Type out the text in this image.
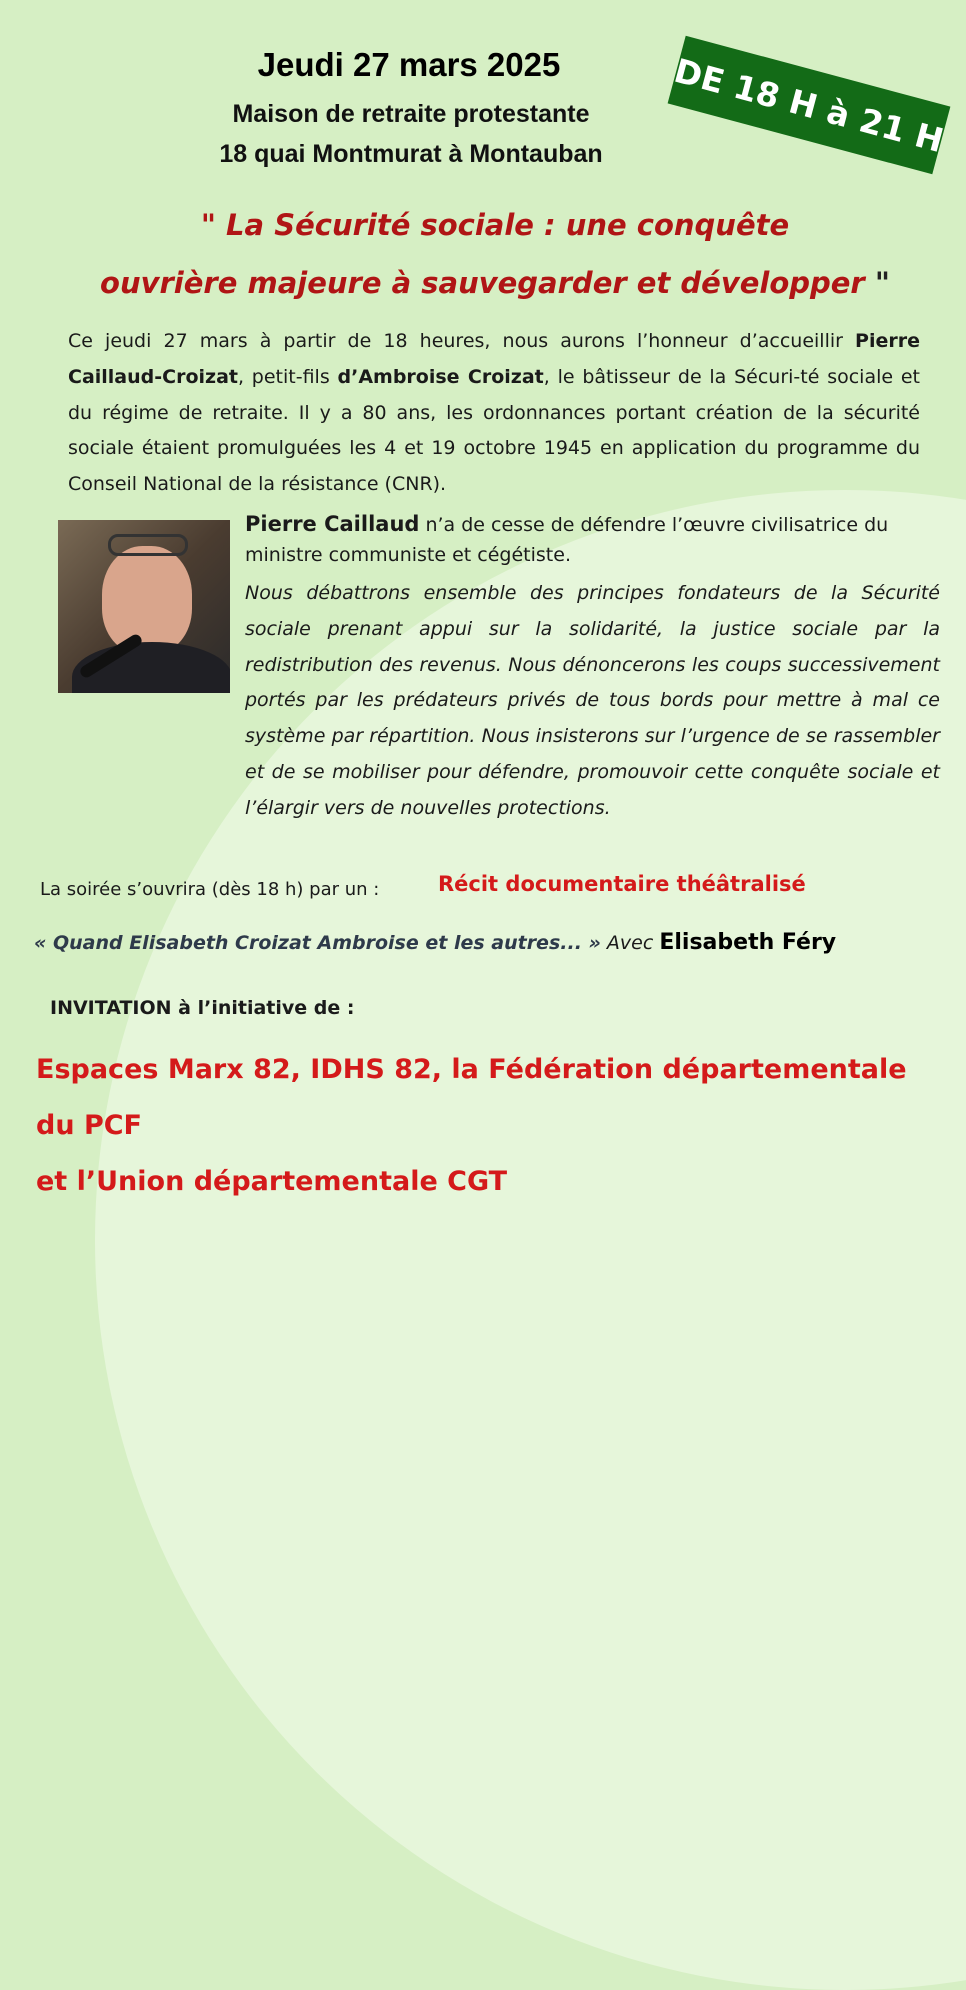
Jeudi 27 mars 2025
Maison de retraite protestante
18 quai Montmurat à Montauban	DE 18 H à 21 H
" La Sécurité sociale : une conquête
ouvrière majeure à sauvegarder et développer "
Ce jeudi 27 mars à partir de 18 heures, nous aurons l’honneur d’accueillir Pierre Caillaud-Croizat, petit-fils d’Ambroise Croizat, le bâtisseur de la Sécuri-té sociale et du régime de retraite. Il y a 80 ans, les ordonnances portant création de la sécurité sociale étaient promulguées les 4 et 19 octobre 1945 en application du programme du Conseil National de la résistance (CNR).
Pierre Caillaud n’a de cesse de défendre l’œuvre civilisatrice du ministre communiste et cégétiste.
Nous débattrons ensemble des principes fondateurs de la Sécurité sociale prenant appui sur la solidarité, la justice sociale par la redistribution des revenus. Nous dénoncerons les coups successivement portés par les prédateurs privés de tous bords pour mettre à mal ce système par répartition. Nous insisterons sur l’urgence de se rassembler et de se mobiliser pour défendre, promouvoir cette conquête sociale et l’élargir vers de nouvelles protections.
La soirée s’ouvrira (dès 18 h) par un :	Récit documentaire théâtralisé
« Quand Elisabeth Croizat Ambroise et les autres... » Avec Elisabeth Féry
INVITATION à l’initiative de :
Espaces Marx 82, IDHS 82, la Fédération départementale du PCF
et l’Union départementale CGT
